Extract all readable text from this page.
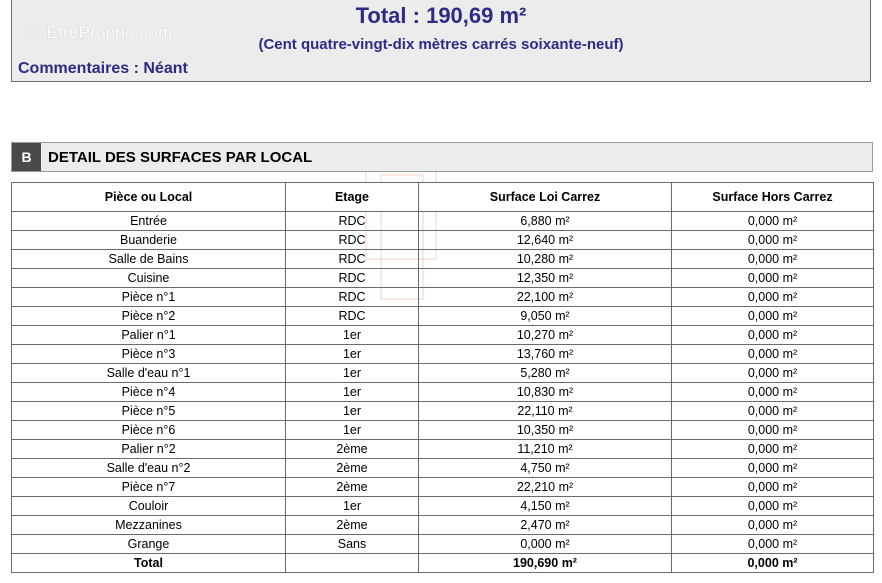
© EtreProprio.com
Total : 190,69 m²
(Cent quatre-vingt-dix mètres carrés soixante-neuf)
Commentaires : Néant
B	DETAIL DES SURFACES PAR LOCAL
Pièce ou Local	Etage	Surface Loi Carrez	Surface Hors Carrez
Entrée	RDC	6,880 m²	0,000 m²
Buanderie	RDC	12,640 m²	0,000 m²
Salle de Bains	RDC	10,280 m²	0,000 m²
Cuisine	RDC	12,350 m²	0,000 m²
Pièce n°1	RDC	22,100 m²	0,000 m²
Pièce n°2	RDC	9,050 m²	0,000 m²
Palier n°1	1er	10,270 m²	0,000 m²
Pièce n°3	1er	13,760 m²	0,000 m²
Salle d'eau n°1	1er	5,280 m²	0,000 m²
Pièce n°4	1er	10,830 m²	0,000 m²
Pièce n°5	1er	22,110 m²	0,000 m²
Pièce n°6	1er	10,350 m²	0,000 m²
Palier n°2	2ème	11,210 m²	0,000 m²
Salle d'eau n°2	2ème	4,750 m²	0,000 m²
Pièce n°7	2ème	22,210 m²	0,000 m²
Couloir	1er	4,150 m²	0,000 m²
Mezzanines	2ème	2,470 m²	0,000 m²
Grange	Sans	0,000 m²	0,000 m²
Total		190,690 m²	0,000 m²
